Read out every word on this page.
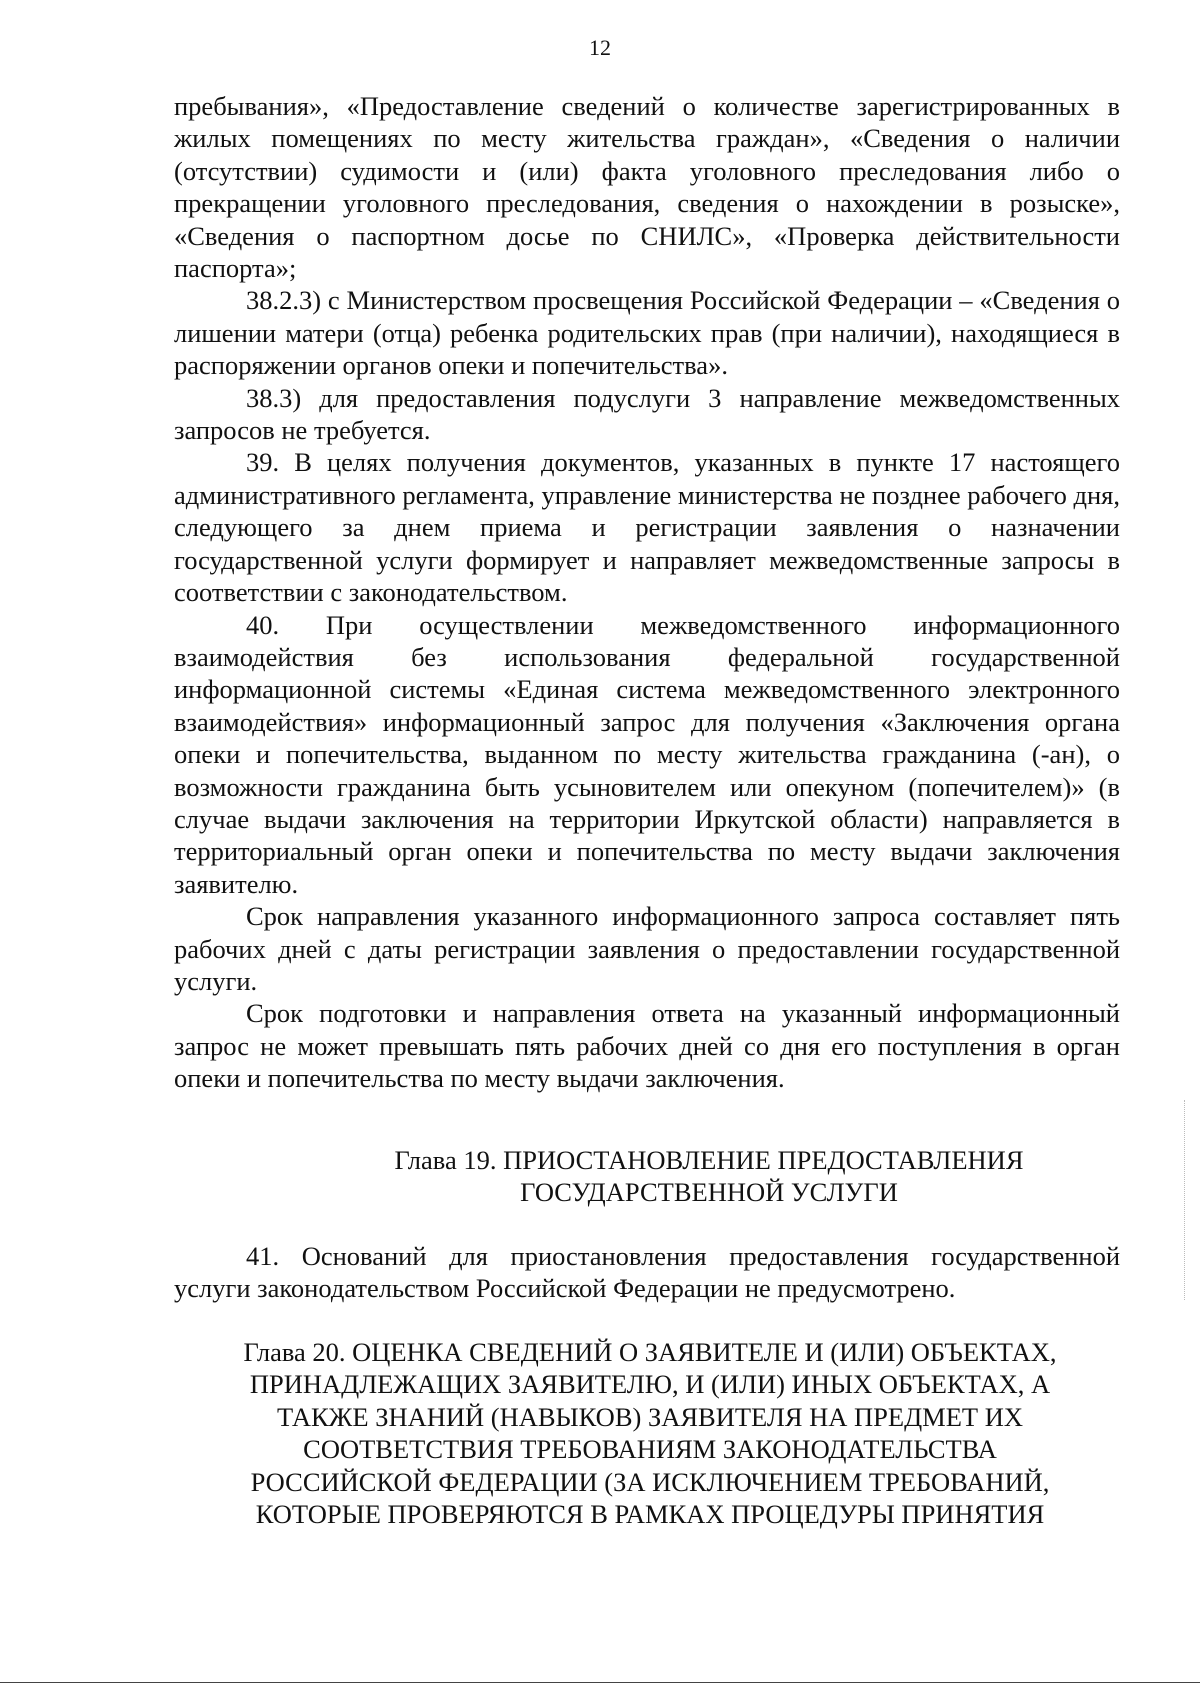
12

пребывания», «Предоставление сведений о количестве зарегистрированных в жилых помещениях по месту жительства граждан», «Сведения о наличии (отсутствии) судимости и (или) факта уголовного преследования либо о прекращении уголовного преследования, сведения о нахождении в розыске», «Сведения о паспортном досье по СНИЛС», «Проверка действительности паспорта»;

38.2.3) с Министерством просвещения Российской Федерации – «Сведения о лишении матери (отца) ребенка родительских прав (при наличии), находящиеся в распоряжении органов опеки и попечительства».

38.3) для предоставления подуслуги 3 направление межведомственных запросов не требуется.

39. В целях получения документов, указанных в пункте 17 настоящего административного регламента, управление министерства не позднее рабочего дня, следующего за днем приема и регистрации заявления о назначении государственной услуги формирует и направляет межведомственные запросы в соответствии с законодательством.

40. При осуществлении межведомственного информационного взаимодействия без использования федеральной государственной информационной системы «Единая система межведомственного электронного взаимодействия» информационный запрос для получения «Заключения органа опеки и попечительства, выданном по месту жительства гражданина (-ан), о возможности гражданина быть усыновителем или опекуном (попечителем)» (в случае выдачи заключения на территории Иркутской области) направляется в территориальный орган опеки и попечительства по месту выдачи заключения заявителю.

Срок направления указанного информационного запроса составляет пять рабочих дней с даты регистрации заявления о предоставлении государственной услуги.

Срок подготовки и направления ответа на указанный информационный запрос не может превышать пять рабочих дней со дня его поступления в орган опеки и попечительства по месту выдачи заключения.

Глава 19. ПРИОСТАНОВЛЕНИЕ ПРЕДОСТАВЛЕНИЯ
ГОСУДАРСТВЕННОЙ УСЛУГИ

41. Оснований для приостановления предоставления государственной услуги законодательством Российской Федерации не предусмотрено.

Глава 20. ОЦЕНКА СВЕДЕНИЙ О ЗАЯВИТЕЛЕ И (ИЛИ) ОБЪЕКТАХ,
ПРИНАДЛЕЖАЩИХ ЗАЯВИТЕЛЮ, И (ИЛИ) ИНЫХ ОБЪЕКТАХ, А
ТАКЖЕ ЗНАНИЙ (НАВЫКОВ) ЗАЯВИТЕЛЯ НА ПРЕДМЕТ ИХ
СООТВЕТСТВИЯ ТРЕБОВАНИЯМ ЗАКОНОДАТЕЛЬСТВА
РОССИЙСКОЙ ФЕДЕРАЦИИ (ЗА ИСКЛЮЧЕНИЕМ ТРЕБОВАНИЙ,
КОТОРЫЕ ПРОВЕРЯЮТСЯ В РАМКАХ ПРОЦЕДУРЫ ПРИНЯТИЯ
